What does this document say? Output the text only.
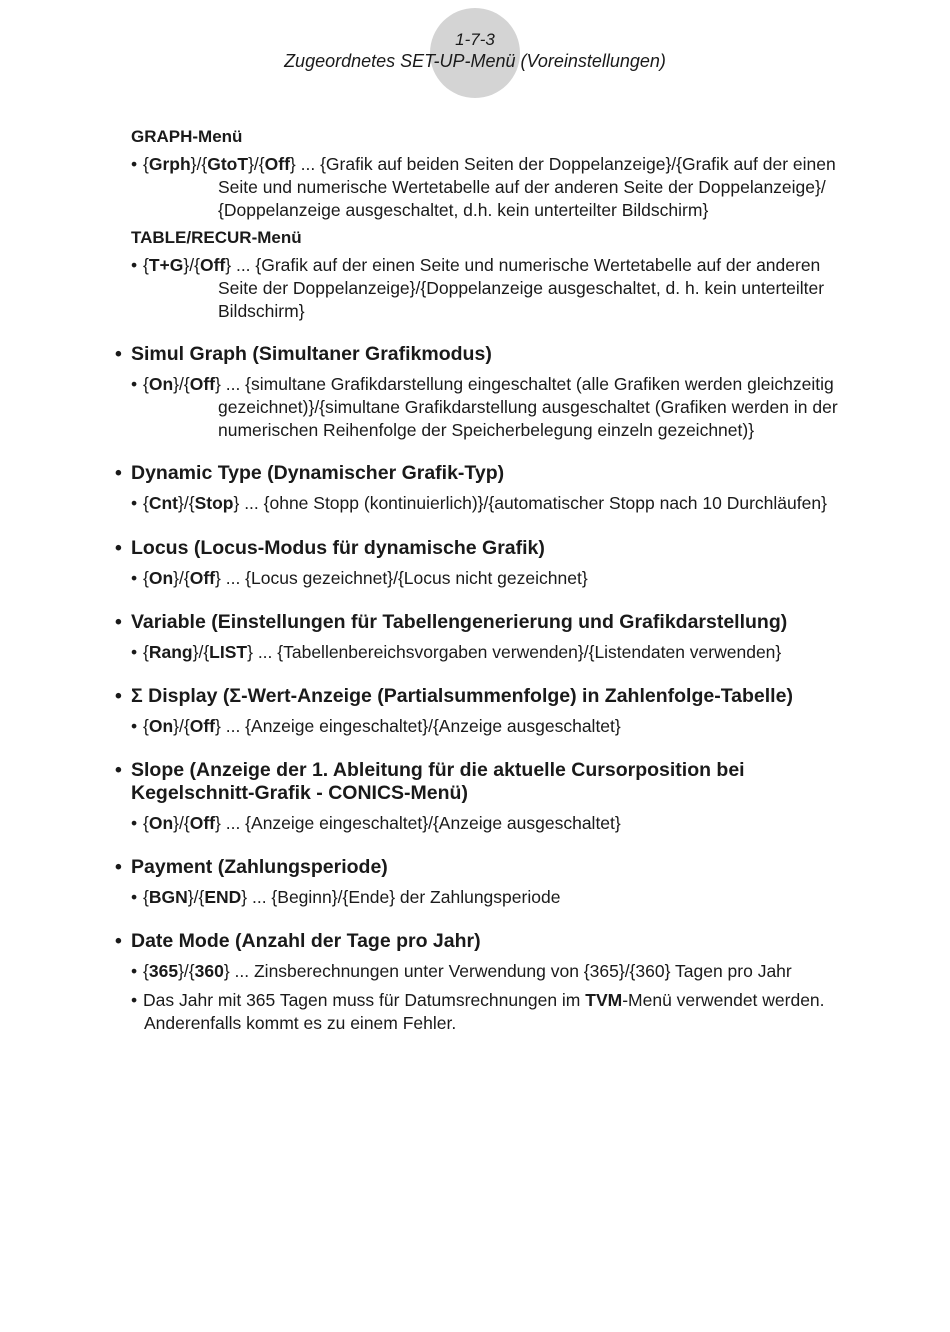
1-7-3
Zugeordnetes SET-UP-Menü (Voreinstellungen)
GRAPH-Menü
• {Grph}/{GtoT}/{Off} ... {Grafik auf beiden Seiten der Doppelanzeige}/{Grafik auf der einen
Seite und numerische Wertetabelle auf der anderen Seite der Doppelanzeige}/
{Doppelanzeige ausgeschaltet, d.h. kein unterteilter Bildschirm}
TABLE/RECUR-Menü
• {T+G}/{Off} ... {Grafik auf der einen Seite und numerische Wertetabelle auf der anderen
Seite der Doppelanzeige}/{Doppelanzeige ausgeschaltet, d. h. kein unterteilter
Bildschirm}
• Simul Graph (Simultaner Grafikmodus)
• {On}/{Off} ... {simultane Grafikdarstellung eingeschaltet (alle Grafiken werden gleichzeitig
gezeichnet)}/{simultane Grafikdarstellung ausgeschaltet (Grafiken werden in der
numerischen Reihenfolge der Speicherbelegung einzeln gezeichnet)}
• Dynamic Type (Dynamischer Grafik-Typ)
• {Cnt}/{Stop} ... {ohne Stopp (kontinuierlich)}/{automatischer Stopp nach 10 Durchläufen}
• Locus (Locus-Modus für dynamische Grafik)
• {On}/{Off} ... {Locus gezeichnet}/{Locus nicht gezeichnet}
• Variable (Einstellungen für Tabellengenerierung und Grafikdarstellung)
• {Rang}/{LIST} ... {Tabellenbereichsvorgaben verwenden}/{Listendaten verwenden}
• Σ Display (Σ-Wert-Anzeige (Partialsummenfolge) in Zahlenfolge-Tabelle)
• {On}/{Off} ... {Anzeige eingeschaltet}/{Anzeige ausgeschaltet}
• Slope (Anzeige der 1. Ableitung für die aktuelle Cursorposition bei
Kegelschnitt-Grafik - CONICS-Menü)
• {On}/{Off} ... {Anzeige eingeschaltet}/{Anzeige ausgeschaltet}
• Payment (Zahlungsperiode)
• {BGN}/{END} ... {Beginn}/{Ende} der Zahlungsperiode
• Date Mode (Anzahl der Tage pro Jahr)
• {365}/{360} ... Zinsberechnungen unter Verwendung von {365}/{360} Tagen pro Jahr
• Das Jahr mit 365 Tagen muss für Datumsrechnungen im TVM-Menü verwendet werden.
Anderenfalls kommt es zu einem Fehler.
